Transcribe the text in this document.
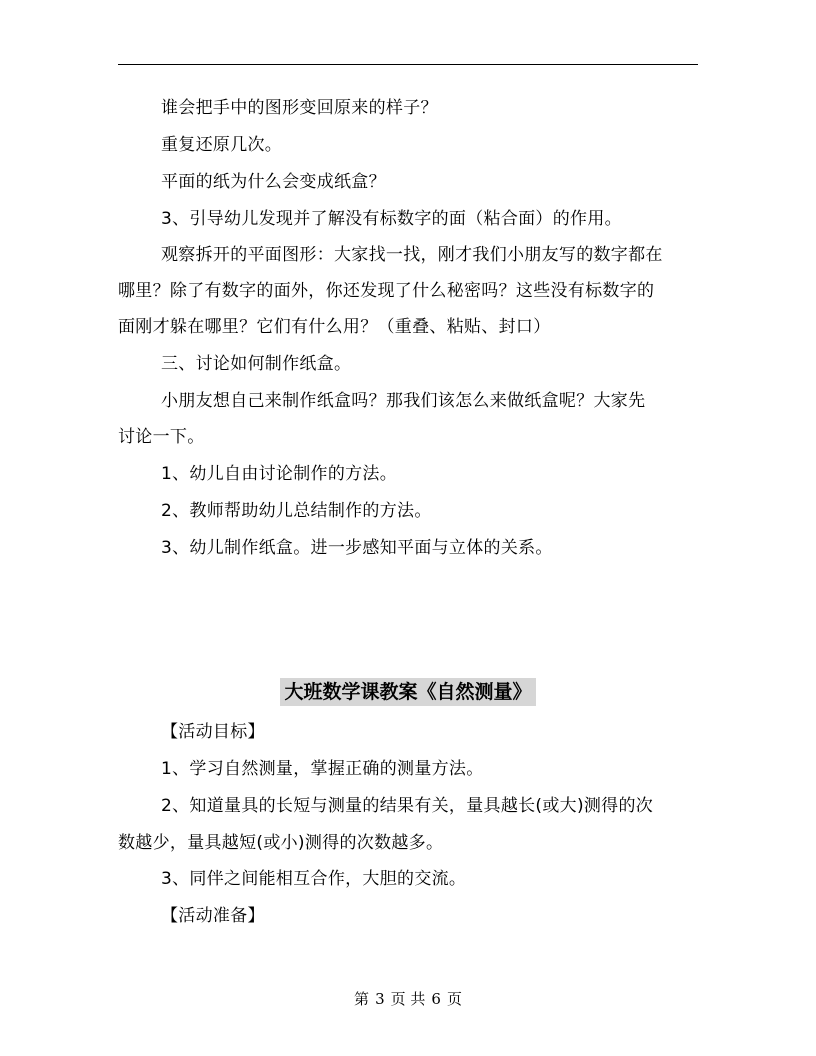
谁会把手中的图形变回原来的样子？
重复还原几次。
平面的纸为什么会变成纸盒？
3、引导幼儿发现并了解没有标数字的面（粘合面）的作用。
观察拆开的平面图形：大家找一找，刚才我们小朋友写的数字都在
哪里？除了有数字的面外，你还发现了什么秘密吗？这些没有标数字的
面刚才躲在哪里？它们有什么用？（重叠、粘贴、封口）
三、讨论如何制作纸盒。
小朋友想自己来制作纸盒吗？那我们该怎么来做纸盒呢？大家先
讨论一下。
1、幼儿自由讨论制作的方法。
2、教师帮助幼儿总结制作的方法。
3、幼儿制作纸盒。进一步感知平面与立体的关系。
大班数学课教案《自然测量》
【活动目标】
1、学习自然测量，掌握正确的测量方法。
2、知道量具的长短与测量的结果有关，量具越长(或大)测得的次
数越少，量具越短(或小)测得的次数越多。
3、同伴之间能相互合作，大胆的交流。
【活动准备】
第 3 页 共 6 页
